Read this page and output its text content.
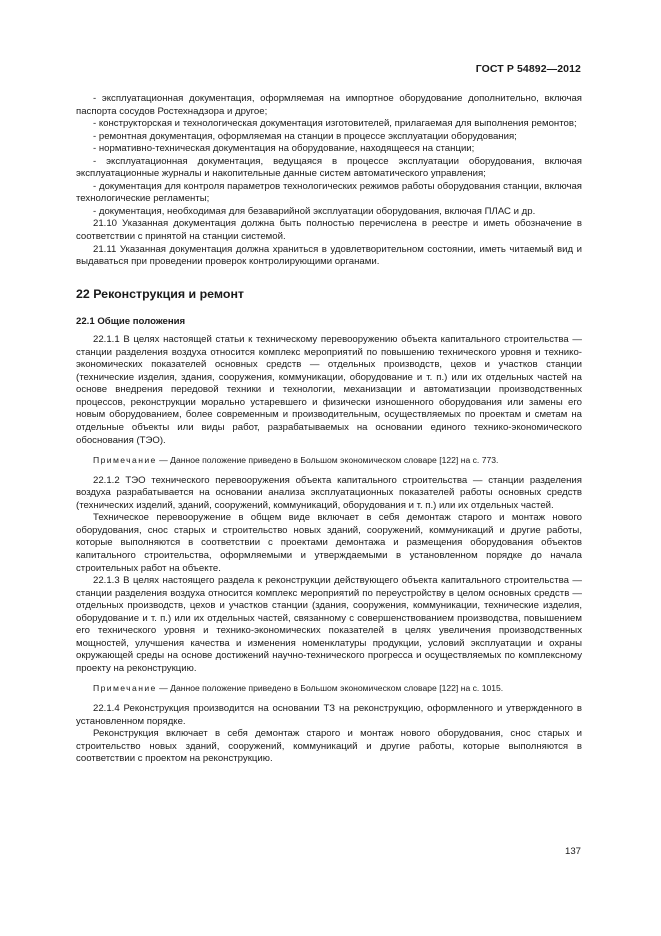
ГОСТ Р 54892—2012

- эксплуатационная документация, оформляемая на импортное оборудование дополнительно, включая паспорта сосудов Ростехнадзора и другое;

- конструкторская и технологическая документация изготовителей, прилагаемая для выполнения ремонтов;

- ремонтная документация, оформляемая на станции в процессе эксплуатации оборудования;

- нормативно-техническая документация на оборудование, находящееся на станции;

- эксплуатационная документация, ведущаяся в процессе эксплуатации оборудования, включая эксплуатационные журналы и накопительные данные систем автоматического управления;

- документация для контроля параметров технологических режимов работы оборудования станции, включая технологические регламенты;

- документация, необходимая для безаварийной эксплуатации оборудования, включая ПЛАС и др.

21.10 Указанная документация должна быть полностью перечислена в реестре и иметь обозначение в соответствии с принятой на станции системой.

21.11 Указанная документация должна храниться в удовлетворительном состоянии, иметь читаемый вид и выдаваться при проведении проверок контролирующими органами.

22 Реконструкция и ремонт

22.1 Общие положения

22.1.1 В целях настоящей статьи к техническому перевооружению объекта капитального строительства — станции разделения воздуха относится комплекс мероприятий по повышению технического уровня и технико-экономических показателей основных средств — отдельных производств, цехов и участков станции (технические изделия, здания, сооружения, коммуникации, оборудование и т. п.) или их отдельных частей на основе внедрения передовой техники и технологии, механизации и автоматизации производственных процессов, реконструкции морально устаревшего и физически изношенного оборудования или замены его новым оборудованием, более современным и производительным, осуществляемых по проектам и сметам на отдельные объекты или виды работ, разрабатываемых на основании единого технико-экономического обоснования (ТЭО).

Примечание — Данное положение приведено в Большом экономическом словаре [122] на с. 773.

22.1.2 ТЭО технического перевооружения объекта капитального строительства — станции разделения воздуха разрабатывается на основании анализа эксплуатационных показателей работы основных средств (технических изделий, зданий, сооружений, коммуникаций, оборудования и т. п.) или их отдельных частей.

Техническое перевооружение в общем виде включает в себя демонтаж старого и монтаж нового оборудования, снос старых и строительство новых зданий, сооружений, коммуникаций и другие работы, которые выполняются в соответствии с проектами демонтажа и размещения оборудования объектов капитального строительства, оформляемыми и утверждаемыми в установленном порядке до начала строительных работ на объекте.

22.1.3 В целях настоящего раздела к реконструкции действующего объекта капитального строительства — станции разделения воздуха относится комплекс мероприятий по переустройству в целом основных средств — отдельных производств, цехов и участков станции (здания, сооружения, коммуникации, технические изделия, оборудование и т. п.) или их отдельных частей, связанному с совершенствованием производства, повышением его технического уровня и технико-экономических показателей в целях увеличения производственных мощностей, улучшения качества и изменения номенклатуры продукции, условий эксплуатации и охраны окружающей среды на основе достижений научно-технического прогресса и осуществляемых по комплексному проекту на реконструкцию.

Примечание — Данное положение приведено в Большом экономическом словаре [122] на с. 1015.

22.1.4 Реконструкция производится на основании ТЗ на реконструкцию, оформленного и утвержденного в установленном порядке.

Реконструкция включает в себя демонтаж старого и монтаж нового оборудования, снос старых и строительство новых зданий, сооружений, коммуникаций и другие работы, которые выполняются в соответствии с проектом на реконструкцию.

137
